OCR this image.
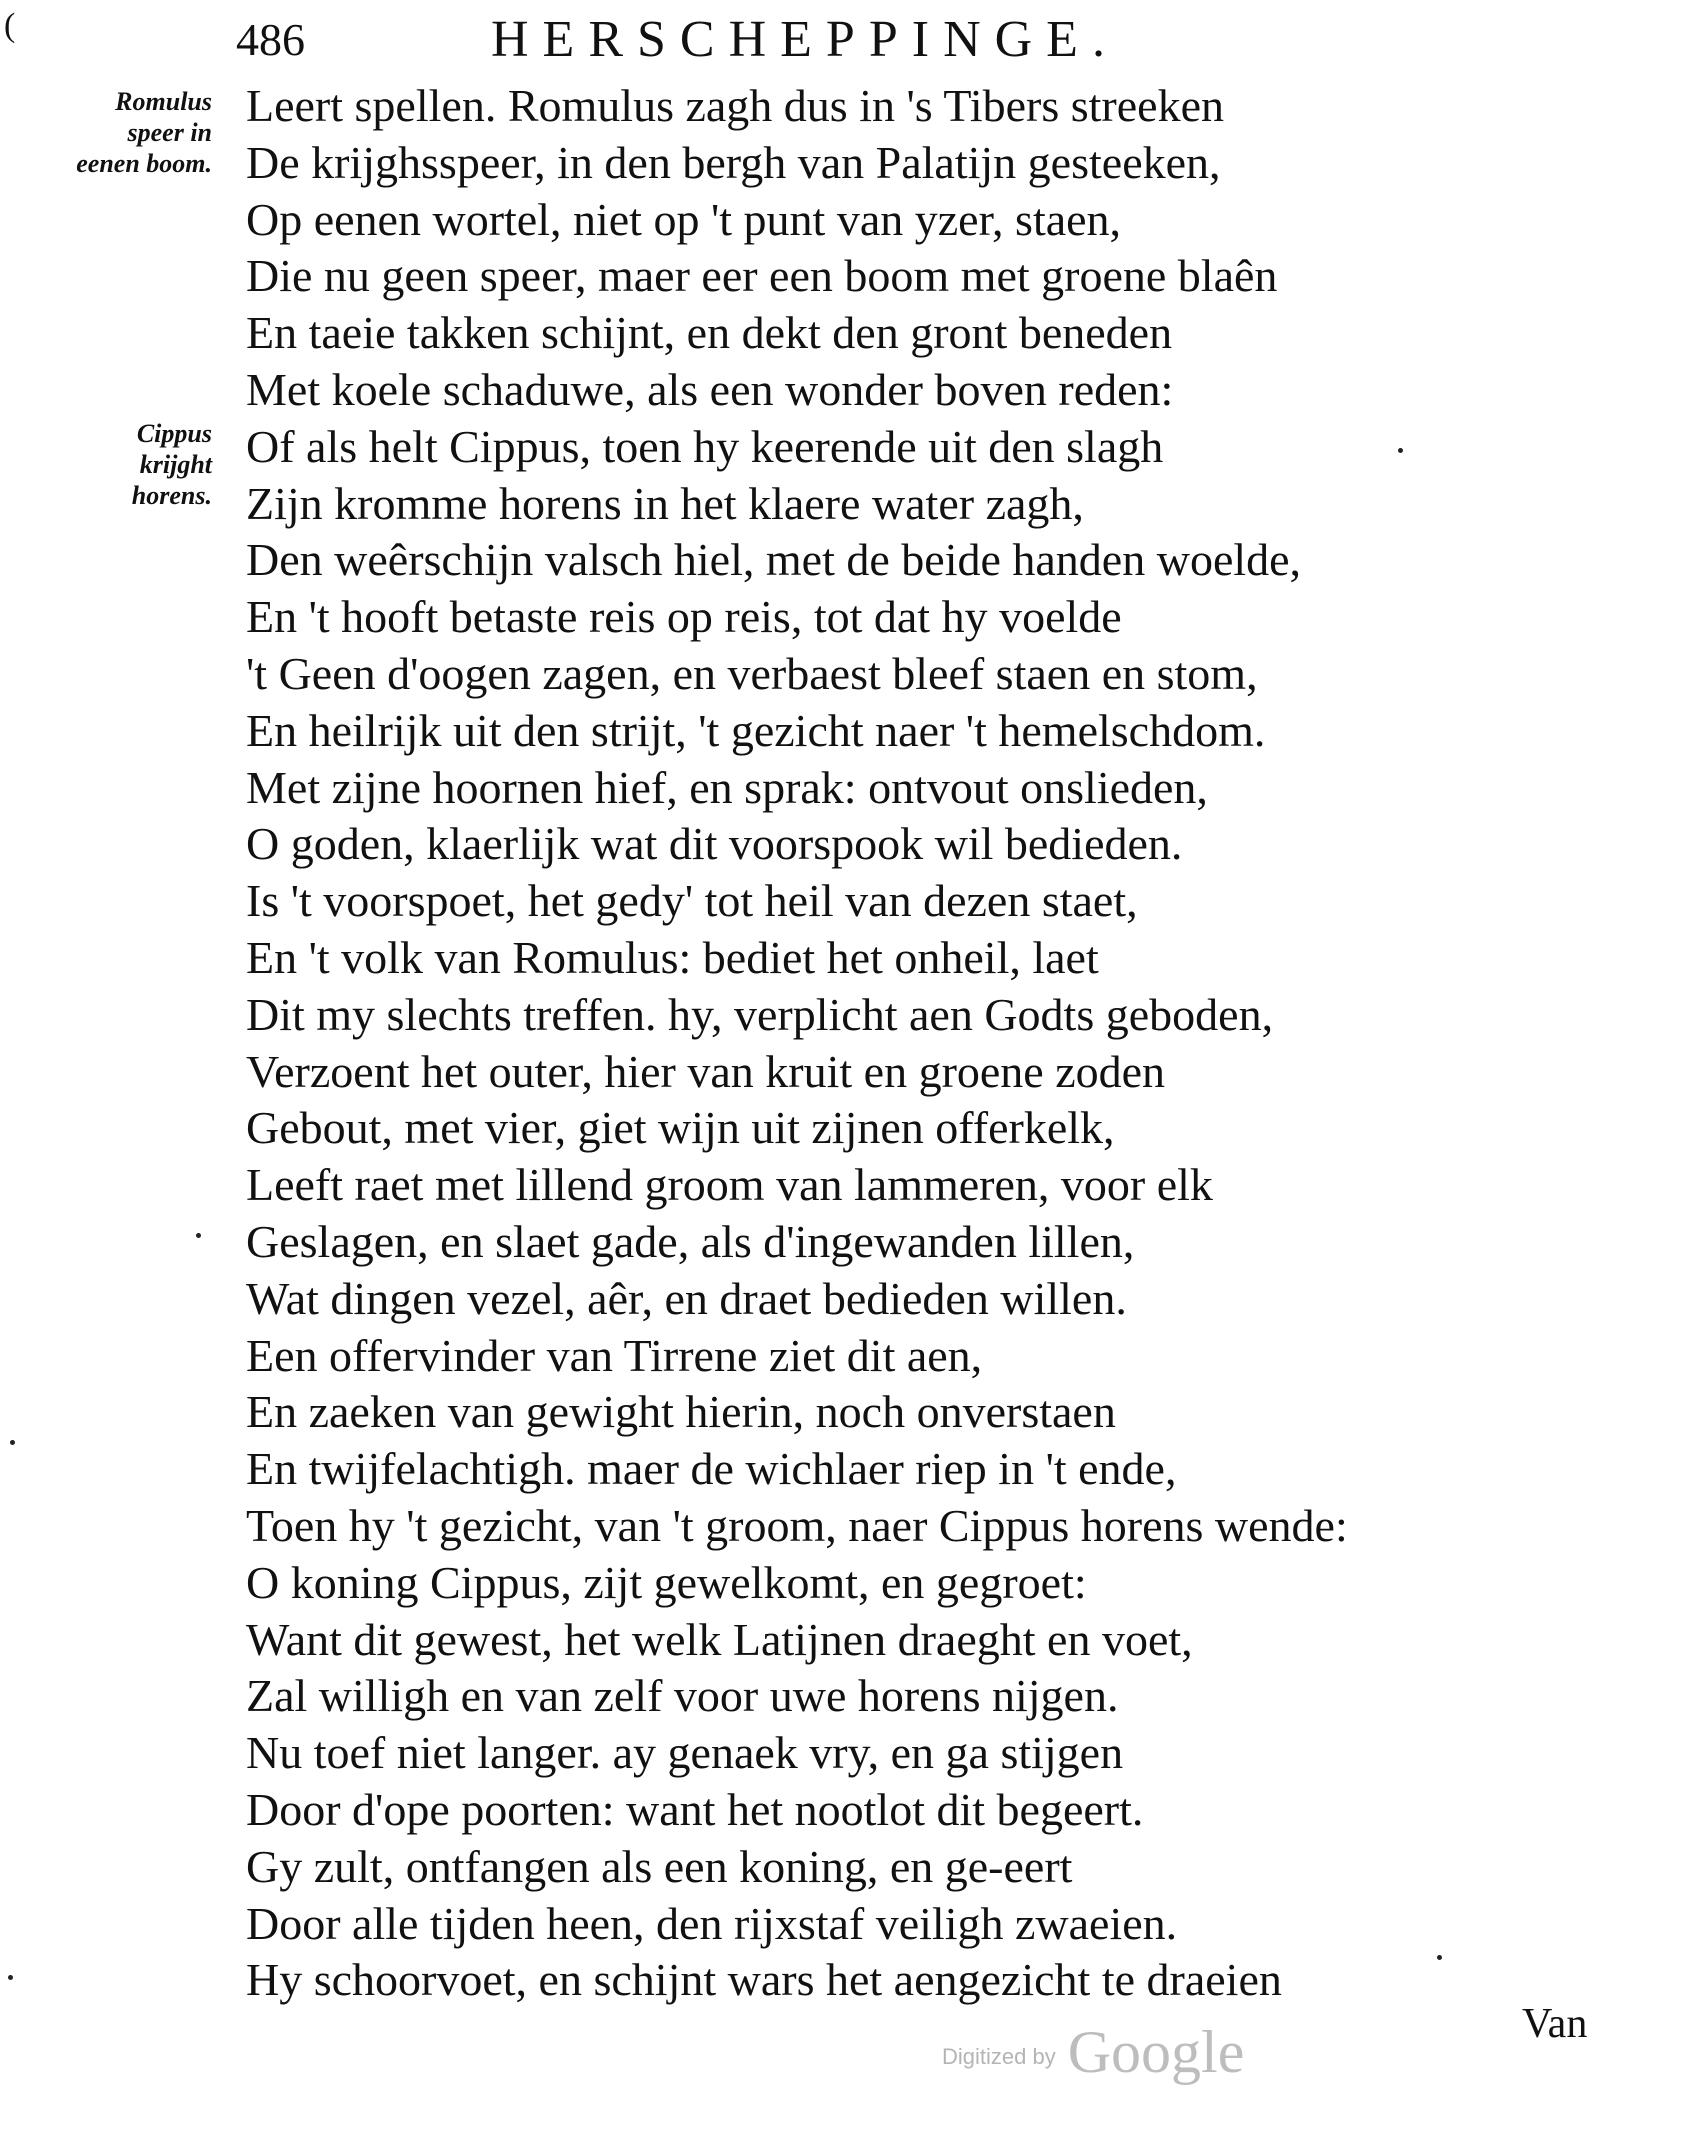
(	486	HERSCHEPPINGE.
Romulus speer in eenen boom.
Cippus krijght horens.
Leert spellen. Romulus zagh dus in 's Tibers streeken
De krijghsspeer, in den bergh van Palatijn gesteeken,
Op eenen wortel, niet op 't punt van yzer, staen,
Die nu geen speer, maer eer een boom met groene blaên
En taeie takken schijnt, en dekt den gront beneden
Met koele schaduwe, als een wonder boven reden:
Of als helt Cippus, toen hy keerende uit den slagh
Zijn kromme horens in het klaere water zagh,
Den weêrschijn valsch hiel, met de beide handen woelde,
En 't hooft betaste reis op reis, tot dat hy voelde
't Geen d'oogen zagen, en verbaest bleef staen en stom,
En heilrijk uit den strijt, 't gezicht naer 't hemelschdom.
Met zijne hoornen hief, en sprak: ontvout onslieden,
O goden, klaerlijk wat dit voorspook wil bedieden.
Is 't voorspoet, het gedy' tot heil van dezen staet,
En 't volk van Romulus: bediet het onheil, laet
Dit my slechts treffen. hy, verplicht aen Godts geboden,
Verzoent het outer, hier van kruit en groene zoden
Gebout, met vier, giet wijn uit zijnen offerkelk,
Leeft raet met lillend groom van lammeren, voor elk
Geslagen, en slaet gade, als d'ingewanden lillen,
Wat dingen vezel, aêr, en draet bedieden willen.
Een offervinder van Tirrene ziet dit aen,
En zaeken van gewight hierin, noch onverstaen
En twijfelachtigh. maer de wichlaer riep in 't ende,
Toen hy 't gezicht, van 't groom, naer Cippus horens wende:
O koning Cippus, zijt gewelkomt, en gegroet:
Want dit gewest, het welk Latijnen draeght en voet,
Zal willigh en van zelf voor uwe horens nijgen.
Nu toef niet langer. ay genaek vry, en ga stijgen
Door d'ope poorten: want het nootlot dit begeert.
Gy zult, ontfangen als een koning, en ge-eert
Door alle tijden heen, den rijxstaf veiligh zwaeien.
Hy schoorvoet, en schijnt wars het aengezicht te draeien
Van
Digitized by Google
